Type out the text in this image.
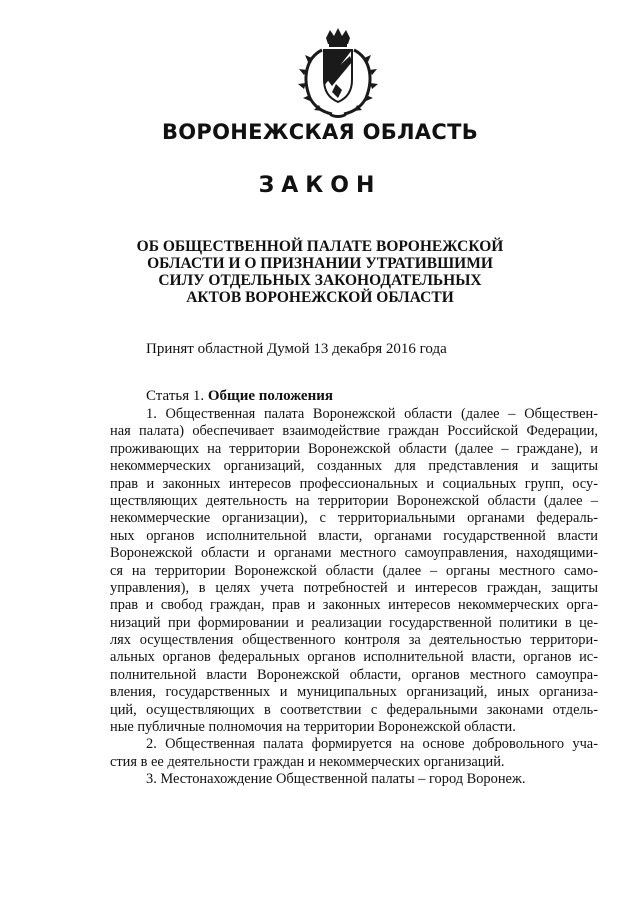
ВОРОНЕЖСКАЯ ОБЛАСТЬ
ЗАКОН
ОБ ОБЩЕСТВЕННОЙ ПАЛАТЕ ВОРОНЕЖСКОЙ
ОБЛАСТИ И О ПРИЗНАНИИ УТРАТИВШИМИ
СИЛУ ОТДЕЛЬНЫХ ЗАКОНОДАТЕЛЬНЫХ
АКТОВ ВОРОНЕЖСКОЙ ОБЛАСТИ
Принят областной Думой 13 декабря 2016 года
Статья 1. Общие положения
1. Общественная палата Воронежской области (далее – Обществен-
ная палата) обеспечивает взаимодействие граждан Российской Федерации,
проживающих на территории Воронежской области (далее – граждане), и
некоммерческих организаций, созданных для представления и защиты
прав и законных интересов профессиональных и социальных групп, осу-
ществляющих деятельность на территории Воронежской области (далее –
некоммерческие организации), с территориальными органами федераль-
ных органов исполнительной власти, органами государственной власти
Воронежской области и органами местного самоуправления, находящими-
ся на территории Воронежской области (далее – органы местного само-
управления), в целях учета потребностей и интересов граждан, защиты
прав и свобод граждан, прав и законных интересов некоммерческих орга-
низаций при формировании и реализации государственной политики в це-
лях осуществления общественного контроля за деятельностью территори-
альных органов федеральных органов исполнительной власти, органов ис-
полнительной власти Воронежской области, органов местного самоупра-
вления, государственных и муниципальных организаций, иных организа-
ций, осуществляющих в соответствии с федеральными законами отдель-
ные публичные полномочия на территории Воронежской области.
2. Общественная палата формируется на основе добровольного уча-
стия в ее деятельности граждан и некоммерческих организаций.
3. Местонахождение Общественной палаты – город Воронеж.
